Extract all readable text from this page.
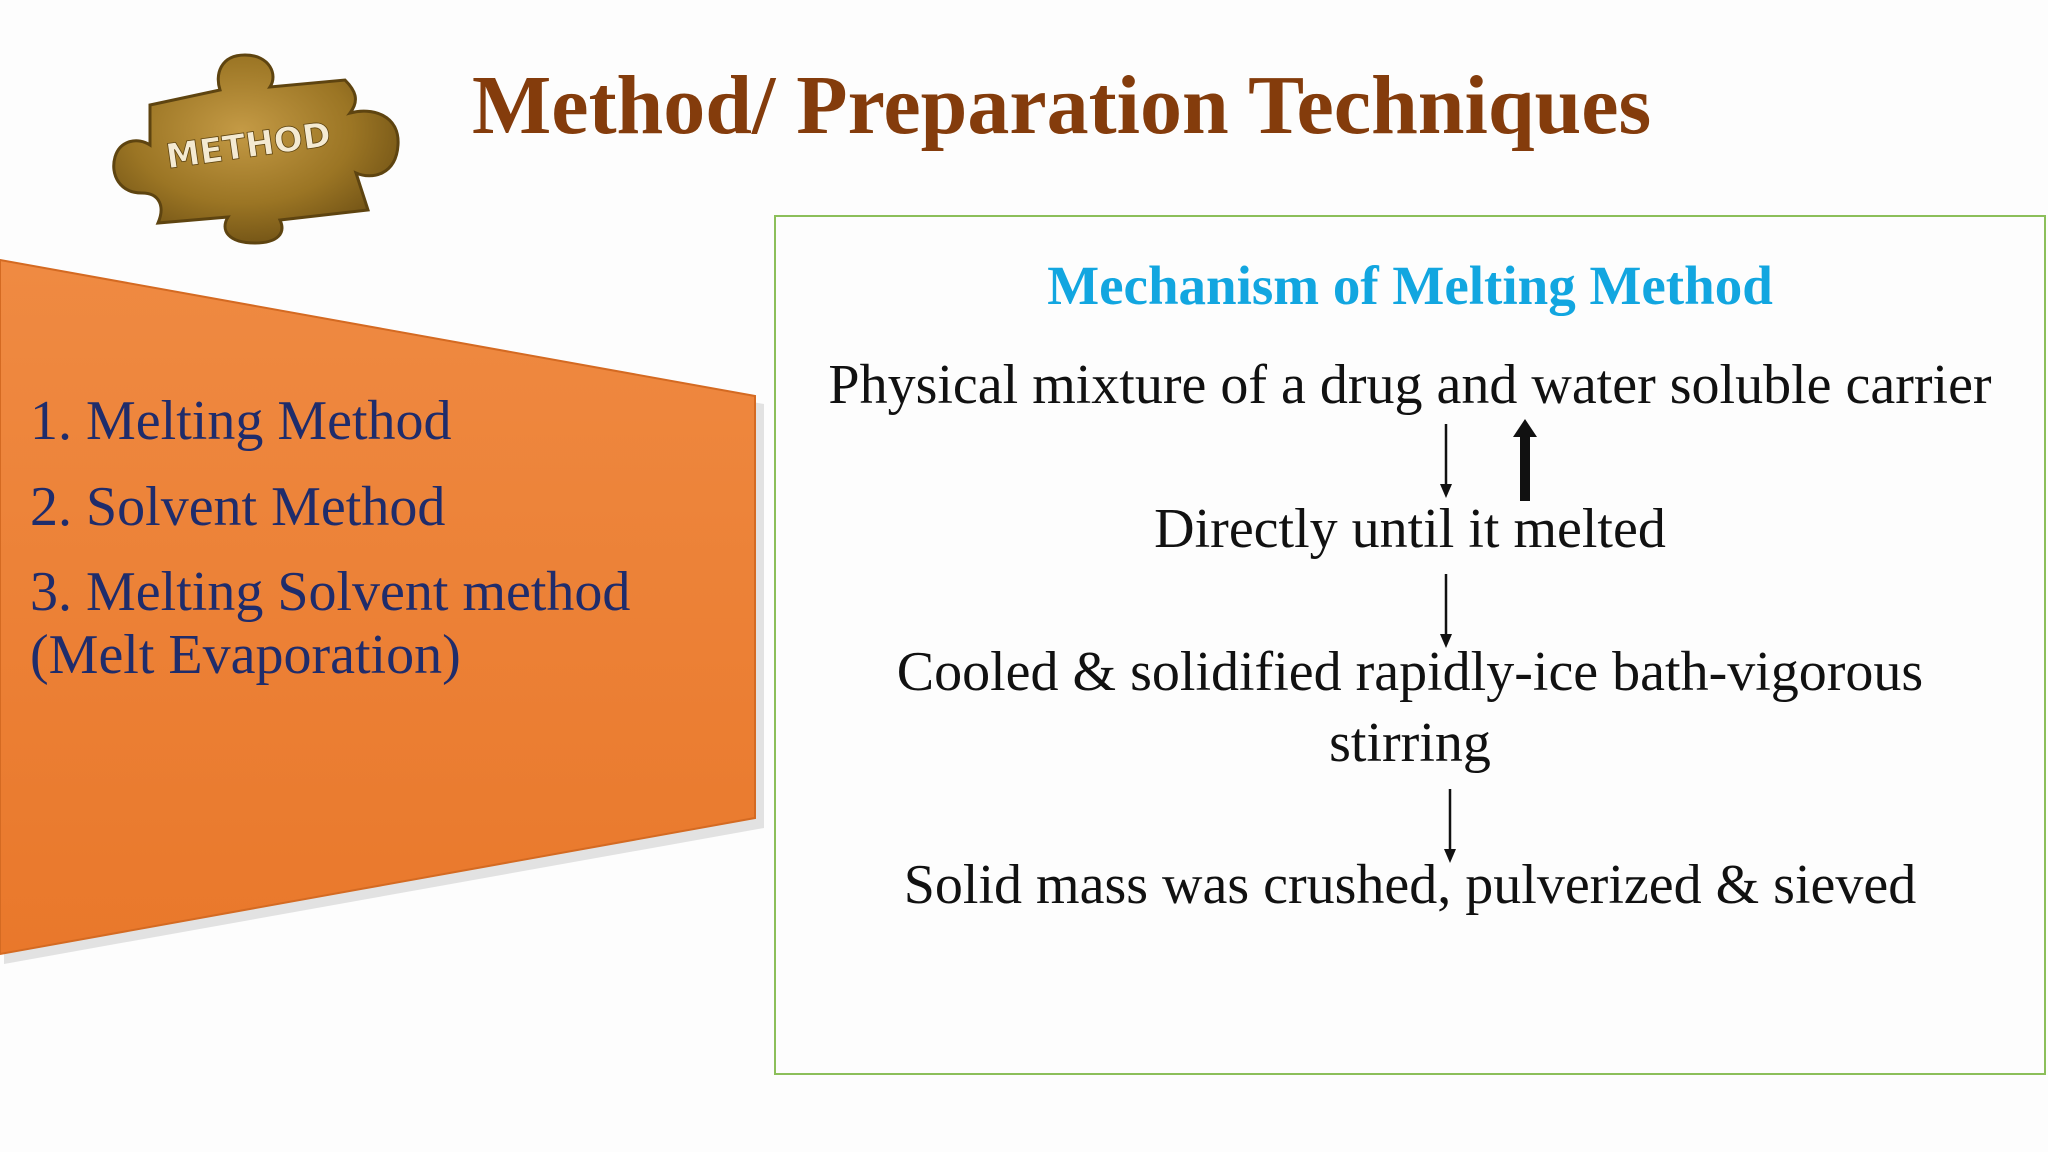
METHOD Method/ Preparation Techniques
1. Melting Method
2. Solvent Method
3. Melting Solvent method (Melt Evaporation)
Mechanism of Melting Method

Physical mixture of a drug and water soluble carrier

Directly until it melted

Cooled & solidified rapidly-ice bath-vigorous stirring

Solid mass was crushed, pulverized & sieved
